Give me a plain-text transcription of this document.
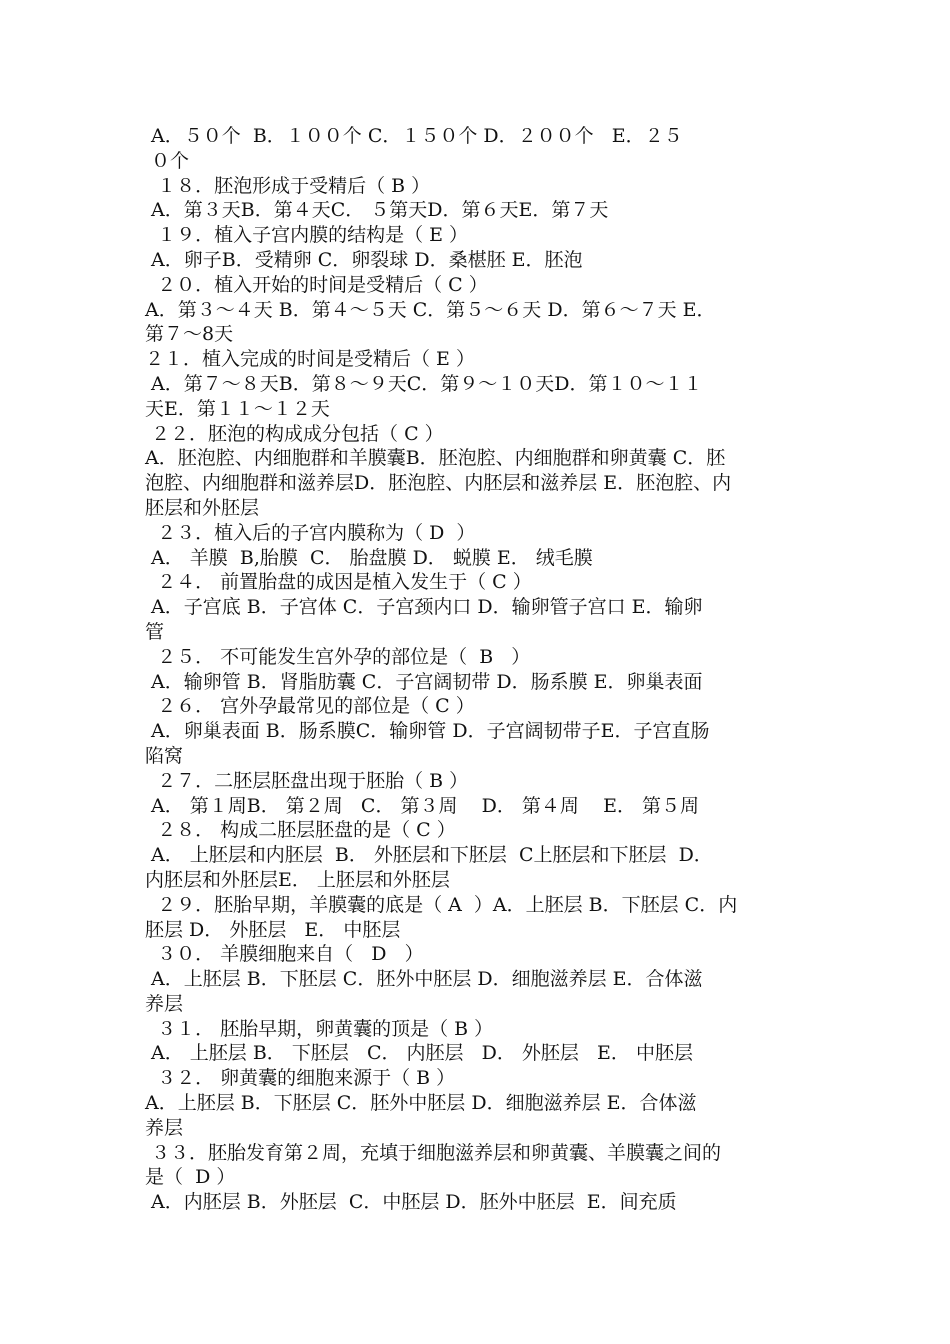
A．５０个  B．１００个 C．１５０个 D．２００个   E．２５
０个
１８．胚泡形成于受精后（ B ）
A．第３天B．第４天C． ５第天D．第６天E．第７天
１９．植入子宫内膜的结构是（ E ）
A．卵子B．受精卵 C．卵裂球 D．桑椹胚 E．胚泡
２０．植入开始的时间是受精后（ C ）
A．第３～４天 B．第４～５天 C．第５～６天 D．第６～７天 E．
第７～8天
２１．植入完成的时间是受精后（ E ）
A．第７～８天B．第８～９天C．第９～１０天D．第１０～１１
天E．第１１～１２天
２２．胚泡的构成成分包括（ C ）
A．胚泡腔、内细胞群和羊膜囊B．胚泡腔、内细胞群和卵黄囊 C．胚
泡腔、内细胞群和滋养层D．胚泡腔、内胚层和滋养层 E．胚泡腔、内
胚层和外胚层
２３．植入后的子宫内膜称为（ D  ）
A． 羊膜  B,胎膜  C． 胎盘膜 D． 蜕膜 E． 绒毛膜
２４． 前置胎盘的成因是植入发生于（ C ）
A．子宫底 B．子宫体 C．子宫颈内口 D．输卵管子宫口 E．输卵
管
２５． 不可能发生宫外孕的部位是（  B   ）
A．输卵管 B．肾脂肪囊 C．子宫阔韧带 D．肠系膜 E．卵巢表面
２６． 宫外孕最常见的部位是（ C ）
A．卵巢表面 B．肠系膜C．输卵管 D．子宫阔韧带子E．子宫直肠
陷窝
２７．二胚层胚盘出现于胚胎（ B ）
A． 第１周B． 第２周   C． 第３周    D． 第４周    E． 第５周
２８． 构成二胚层胚盘的是（ C ）
A． 上胚层和内胚层  B． 外胚层和下胚层  C上胚层和下胚层  D．
内胚层和外胚层E． 上胚层和外胚层
２９．胚胎早期，羊膜囊的底是（ A  ）A．上胚层 B．下胚层 C．内
胚层 D． 外胚层   E． 中胚层
３０． 羊膜细胞来自（   D   ）
A．上胚层 B．下胚层 C．胚外中胚层 D．细胞滋养层 E．合体滋
养层
３１． 胚胎早期，卵黄囊的顶是（ B ）
A． 上胚层 B． 下胚层   C． 内胚层   D． 外胚层   E． 中胚层
３２． 卵黄囊的细胞来源于（ B ）
A．上胚层 B．下胚层 C．胚外中胚层 D．细胞滋养层 E．合体滋
养层
３３．胚胎发育第２周，充填于细胞滋养层和卵黄囊、羊膜囊之间的
是（  D ）
A．内胚层 B．外胚层  C．中胚层 D．胚外中胚层  E．间充质
